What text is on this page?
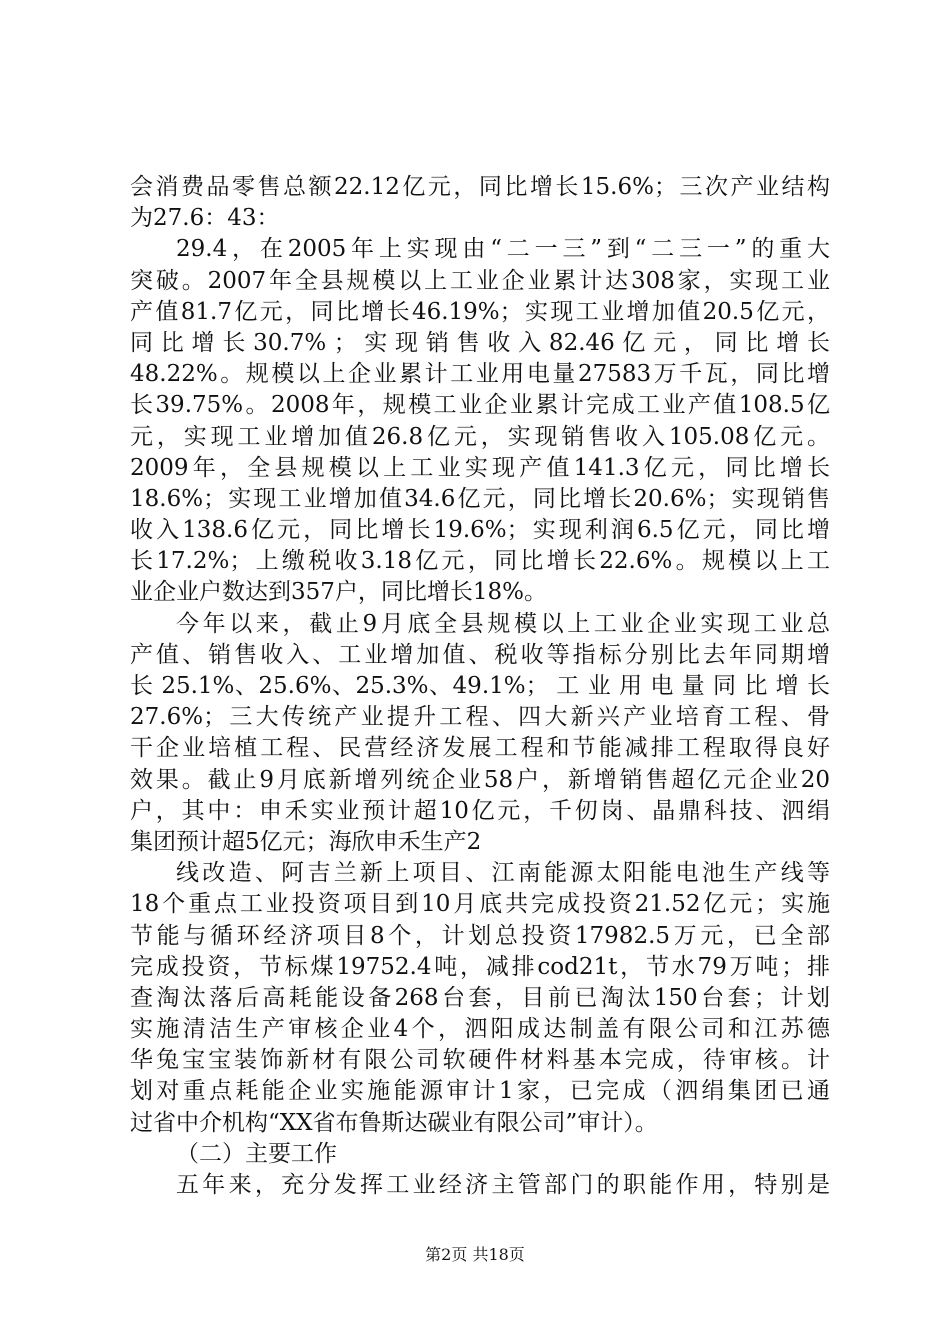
会消费品零售总额22.12亿元，同比增长15.6%；三次产业结构
为27.6：43：
29.4，在2005年上实现由“二一三”到“二三一”的重大
突破。2007年全县规模以上工业企业累计达308家，实现工业
产值81.7亿元，同比增长46.19%；实现工业增加值20.5亿元，
同 比 增 长 30.7% ； 实 现 销 售 收 入 82.46 亿 元 ， 同 比 增 长
48.22%。规模以上企业累计工业用电量27583万千瓦，同比增
长39.75%。2008年，规模工业企业累计完成工业产值108.5亿
元，实现工业增加值26.8亿元，实现销售收入105.08亿元。
2009年，全县规模以上工业实现产值141.3亿元，同比增长
18.6%；实现工业增加值34.6亿元，同比增长20.6%；实现销售
收入138.6亿元，同比增长19.6%；实现利润6.5亿元，同比增
长17.2%；上缴税收3.18亿元，同比增长22.6%。规模以上工
业企业户数达到357户，同比增长18%。
今年以来，截止9月底全县规模以上工业企业实现工业总
产值、销售收入、工业增加值、税收等指标分别比去年同期增
长 25.1%、25.6%、25.3%、49.1%； 工 业 用 电 量 同 比 增 长
27.6%；三大传统产业提升工程、四大新兴产业培育工程、骨
干企业培植工程、民营经济发展工程和节能减排工程取得良好
效果。截止9月底新增列统企业58户，新增销售超亿元企业20
户，其中：申禾实业预计超10亿元，千仞岗、晶鼎科技、泗绢
集团预计超5亿元；海欣申禾生产2
线改造、阿吉兰新上项目、江南能源太阳能电池生产线等
18个重点工业投资项目到10月底共完成投资21.52亿元；实施
节能与循环经济项目8个，计划总投资17982.5万元，已全部
完成投资，节标煤19752.4吨，减排cod21t，节水79万吨；排
查淘汰落后高耗能设备268台套，目前已淘汰150台套；计划
实施清洁生产审核企业4个，泗阳成达制盖有限公司和江苏德
华兔宝宝装饰新材有限公司软硬件材料基本完成，待审核。计
划对重点耗能企业实施能源审计1家，已完成（泗绢集团已通
过省中介机构“XX省布鲁斯达碳业有限公司”审计）。
（二）主要工作
五年来，充分发挥工业经济主管部门的职能作用，特别是
第2页 共18页
